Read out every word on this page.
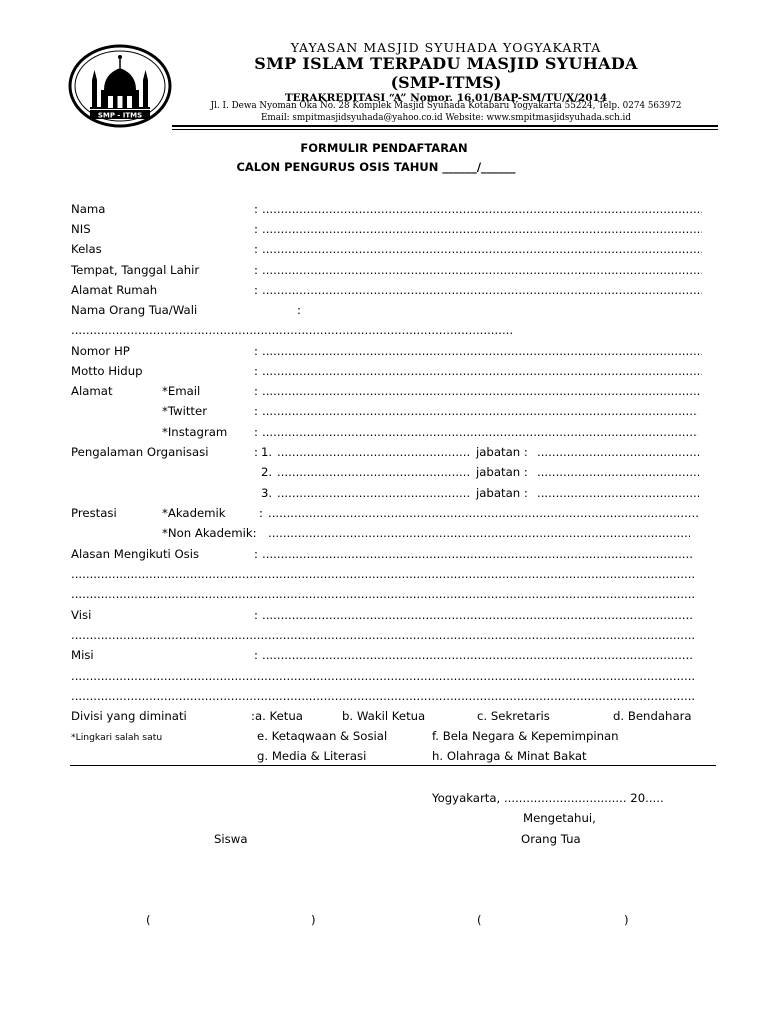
SMP - ITMS
YAYASAN MASJID SYUHADA YOGYAKARTA
SMP ISLAM TERPADU MASJID SYUHADA
(SMP-ITMS)
TERAKREDITASI “A” Nomor. 16.01/BAP-SM/TU/X/2014
Jl. I. Dewa Nyoman Oka No. 28 Komplek Masjid Syuhada Kotabaru Yogyakarta 55224, Telp. 0274 563972
Email: smpitmasjidsyuhada@yahoo.co.id Website: www.smpitmasjidsyuhada.sch.id
FORMULIR PENDAFTARAN
CALON PENGURUS OSIS TAHUN ______/______
Nama	:
.....
NIS	:
.....
Kelas	:
.....
Tempat, Tanggal Lahir	:
.....
Alamat Rumah	:
.....
Nama Orang Tua/Wali	:
.....
Nomor HP	:
.....
Motto Hidup	:
.....
Alamat	*Email	:
.....
*Twitter	:
.....
*Instagram :
.....
Pengalaman Organisasi	: 1. .....	jabatan :
.....
2. .....	jabatan :
.....
3. .....	jabatan :
.....
Prestasi	*Akademik	:
.....
*Non Akademik:
.....
Alasan Mengikuti Osis	:
.....
.....
.....
Visi	:
.....
.....
Misi	:
.....
.....
.....
Divisi yang diminati
*Lingkari salah satu
:a. Ketua	b. Wakil Ketua	c. Sekretaris	d. Bendahara
e. Ketaqwaan & Sosial	f. Bela Negara & Kepemimpinan
g. Media & Literasi	h. Olahraga & Minat Bakat
Yogyakarta, ................................. 20.....
Mengetahui,
Siswa	Orang Tua
(	)	(	)
